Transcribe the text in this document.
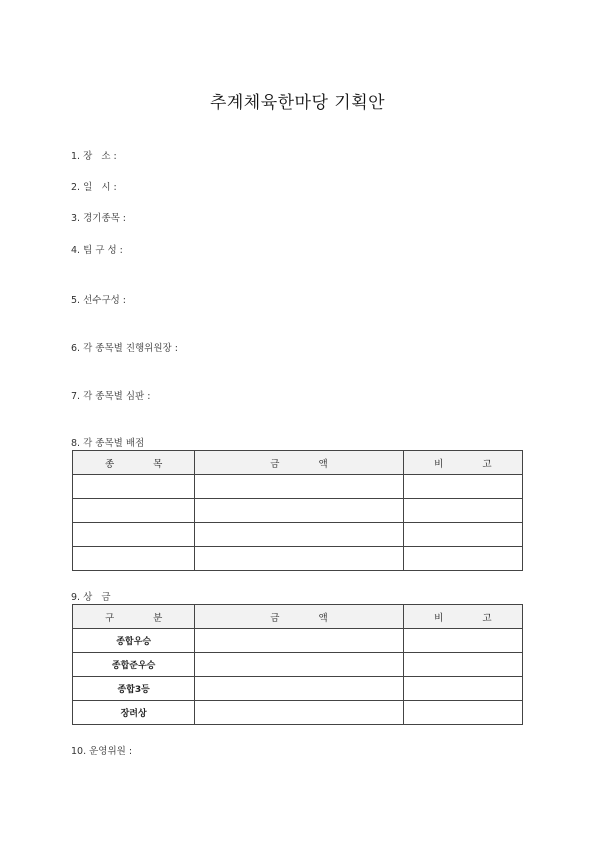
추계체육한마당 기획안
1. 장   소 :
2. 일   시 :
3. 경기종목 :
4. 팀 구 성 :
5. 선수구성 :
6. 각 종목별 진행위원장 :
7. 각 종목별 심판 :
8. 각 종목별 배점
종 목	금 액	비 고

9. 상   금
구 분	금 액	비 고
종합우승		
종합준우승		
종합3등		
장려상		
10. 운영위원 :
